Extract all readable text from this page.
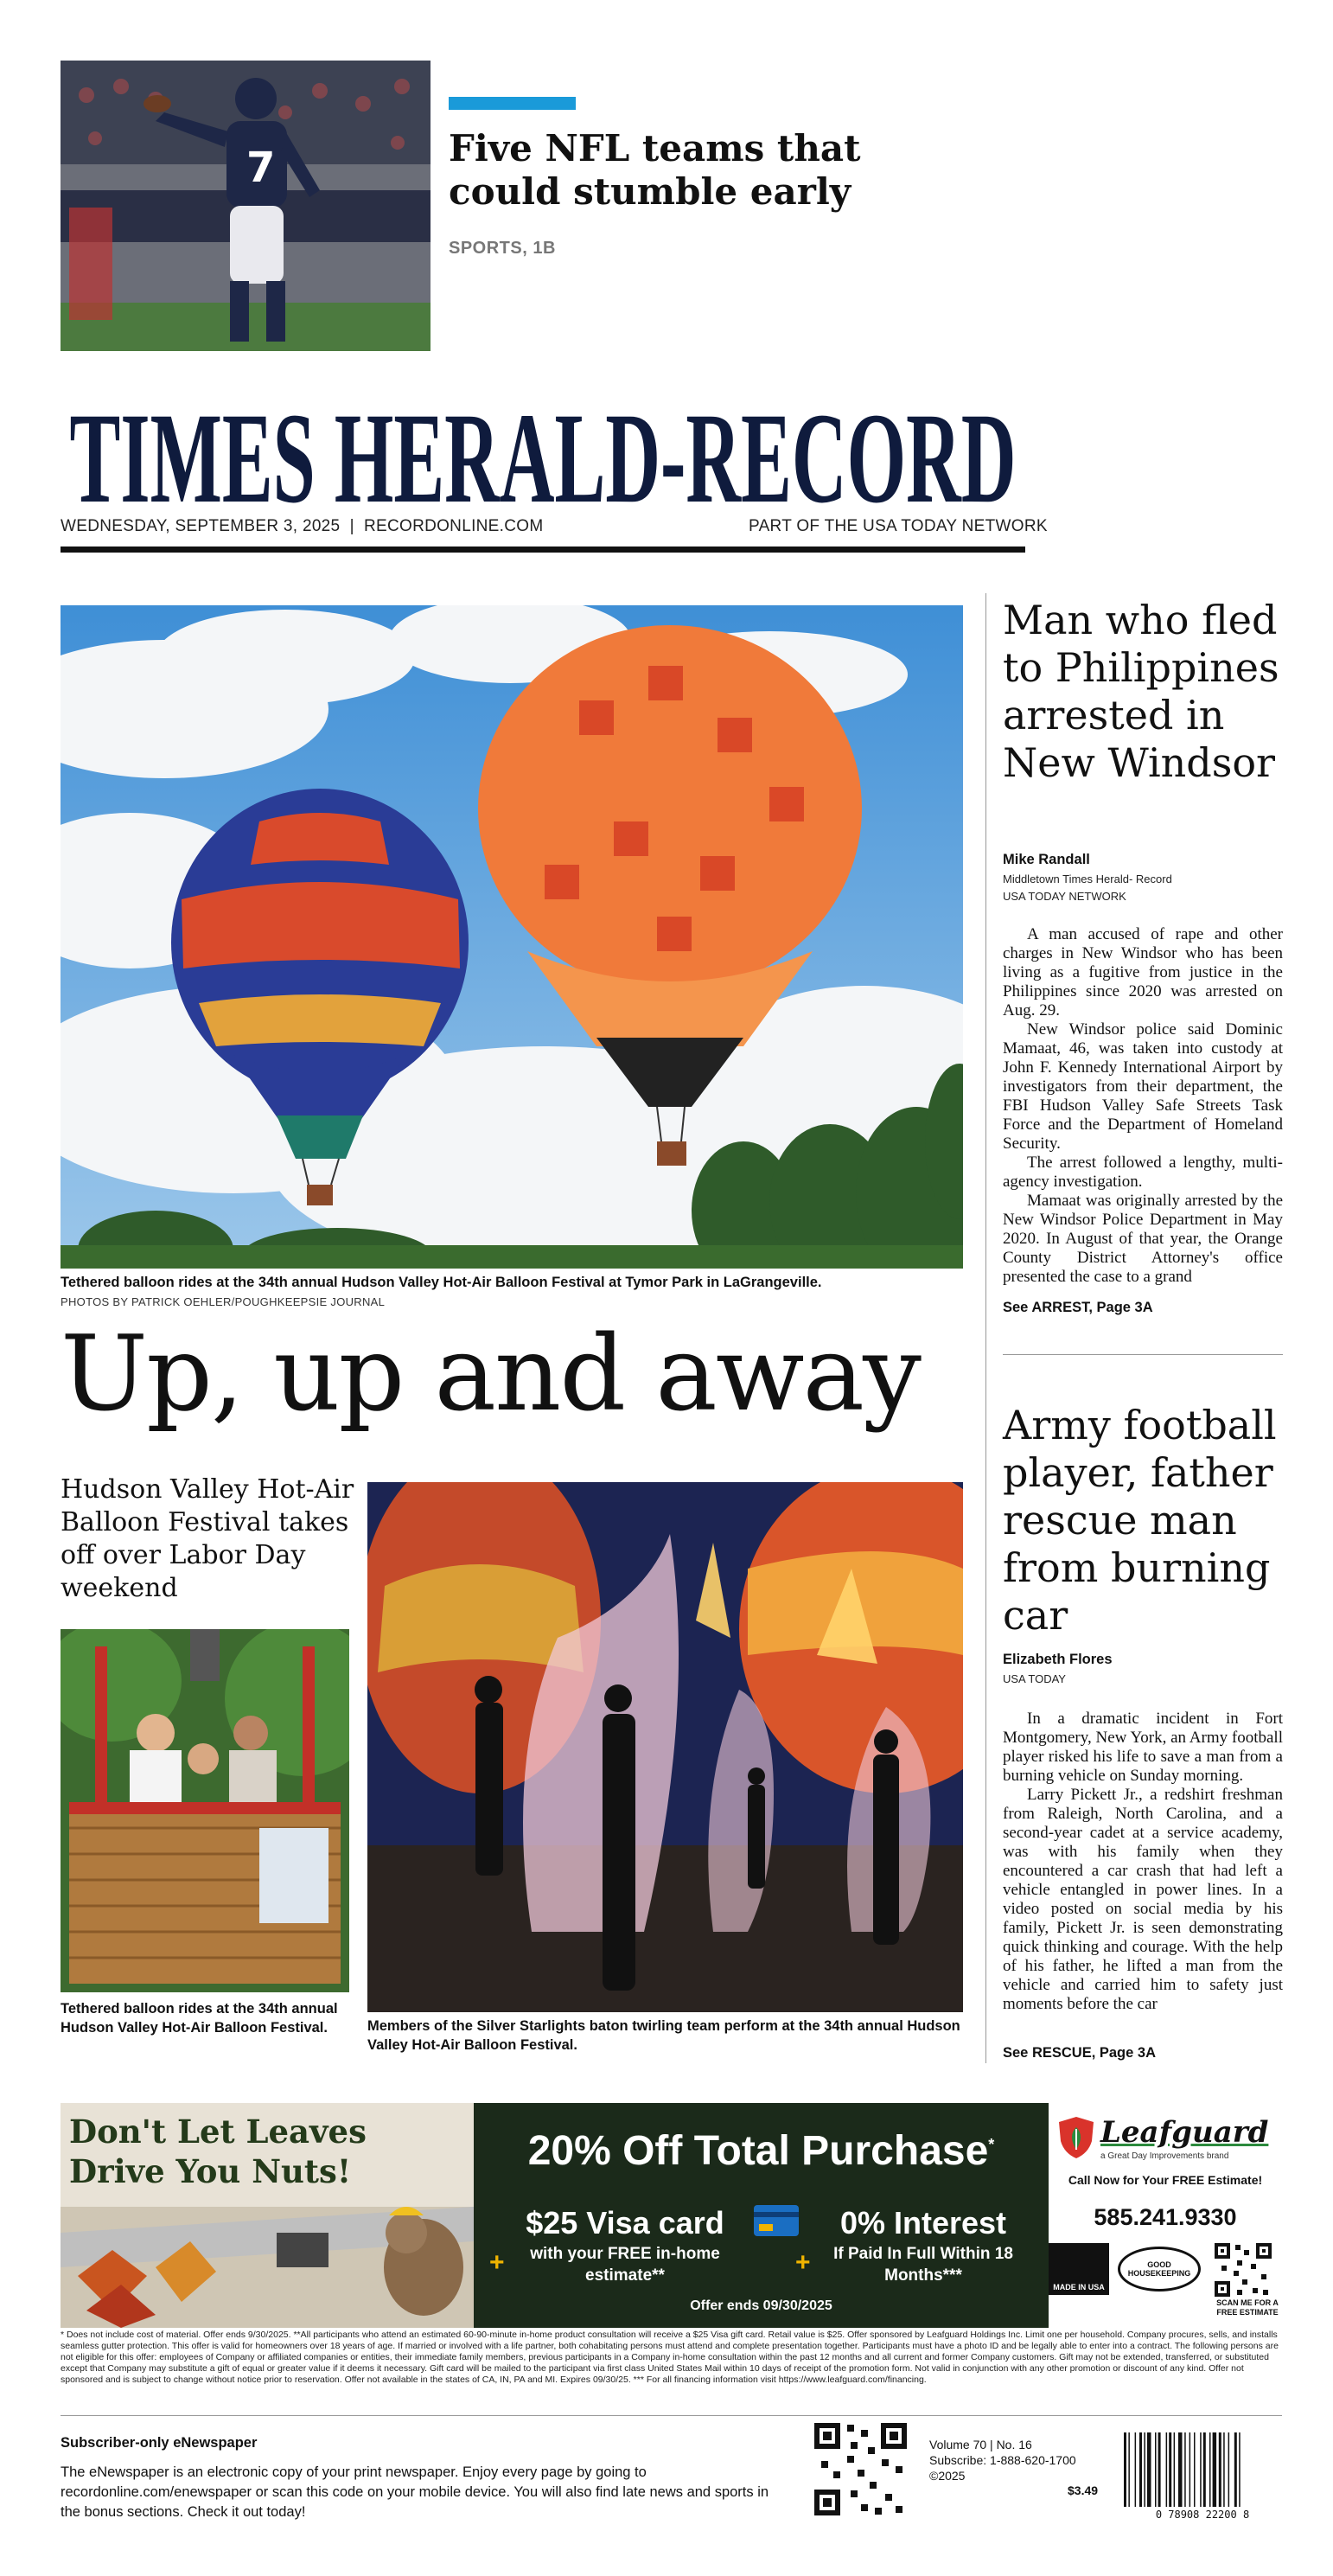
7	Five NFL teams that could stumble early
SPORTS, 1B
TIMES HERALD-RECORD
WEDNESDAY, SEPTEMBER 3, 2025  |  RECORDONLINE.COM	PART OF THE USA TODAY NETWORK
Tethered balloon rides at the 34th annual Hudson Valley Hot-Air Balloon Festival at Tymor Park in LaGrangeville.
PHOTOS BY PATRICK OEHLER/POUGHKEEPSIE JOURNAL
Up, up and away
Hudson Valley Hot-Air Balloon Festival takes off over Labor Day weekend
Tethered balloon rides at the 34th annual Hudson Valley Hot-Air Balloon Festival.	Members of the Silver Starlights baton twirling team perform at the 34th annual Hudson Valley Hot-Air Balloon Festival.
Man who fled to Philippines arrested in New Windsor
Mike Randall
Middletown Times Herald- Record
USA TODAY NETWORK

A man accused of rape and other charges in New Windsor who has been living as a fugitive from justice in the Philippines since 2020 was arrested on Aug. 29.

New Windsor police said Dominic Mamaat, 46, was taken into custody at John F. Kennedy International Airport by investigators from their department, the FBI Hudson Valley Safe Streets Task Force and the Department of Homeland Security.

The arrest followed a lengthy, multi-agency investigation.

Mamaat was originally arrested by the New Windsor Police Department in May 2020. In August of that year, the Orange County District Attorney's office presented the case to a grand

See ARREST, Page 3A
Army football player, father rescue man from burning car
Elizabeth Flores
USA TODAY

In a dramatic incident in Fort Montgomery, New York, an Army football player risked his life to save a man from a burning vehicle on Sunday morning.

Larry Pickett Jr., a redshirt freshman from Raleigh, North Carolina, and a second-year cadet at a service academy, was with his family when they encountered a car crash that had left a vehicle entangled in power lines. In a video posted on social media by his family, Pickett Jr. is seen demonstrating quick thinking and courage. With the help of his father, he lifted a man from the vehicle and carried him to safety just moments before the car

See RESCUE, Page 3A
Don't Let Leaves Drive You Nuts!	20% Off Total Purchase*
$25 Visa card
+	with your FREE in-home estimate**
0% Interest
+	If Paid In Full Within 18 Months***
Offer ends 09/30/2025
Leafguard
a Great Day Improvements brand
Call Now for Your FREE Estimate!
585.241.9330
MADE IN USA
GOOD HOUSEKEEPING
SCAN ME FOR A FREE ESTIMATE
* Does not include cost of material. Offer ends 9/30/2025. **All participants who attend an estimated 60-90-minute in-home product consultation will receive a $25 Visa gift card. Retail value is $25. Offer sponsored by Leafguard Holdings Inc. Limit one per household. Company procures, sells, and installs seamless gutter protection. This offer is valid for homeowners over 18 years of age. If married or involved with a life partner, both cohabitating persons must attend and complete presentation together. Participants must have a photo ID and be legally able to enter into a contract. The following persons are not eligible for this offer: employees of Company or affiliated companies or entities, their immediate family members, previous participants in a Company in-home consultation within the past 12 months and all current and former Company customers. Gift may not be extended, transferred, or substituted except that Company may substitute a gift of equal or greater value if it deems it necessary. Gift card will be mailed to the participant via first class United States Mail within 10 days of receipt of the promotion form. Not valid in conjunction with any other promotion or discount of any kind. Offer not sponsored and is subject to change without notice prior to reservation. Offer not available in the states of CA, IN, PA and MI. Expires 09/30/25. *** For all financing information visit https://www.leafguard.com/financing.
Subscriber-only eNewspaper
The eNewspaper is an electronic copy of your print newspaper. Enjoy every page by going to recordonline.com/enewspaper or scan this code on your mobile device. You will also find late news and sports in the bonus sections. Check it out today!
Volume 70 | No. 16
Subscribe: 1-888-620-1700
©2025
$3.49
0 78908 22200 8
